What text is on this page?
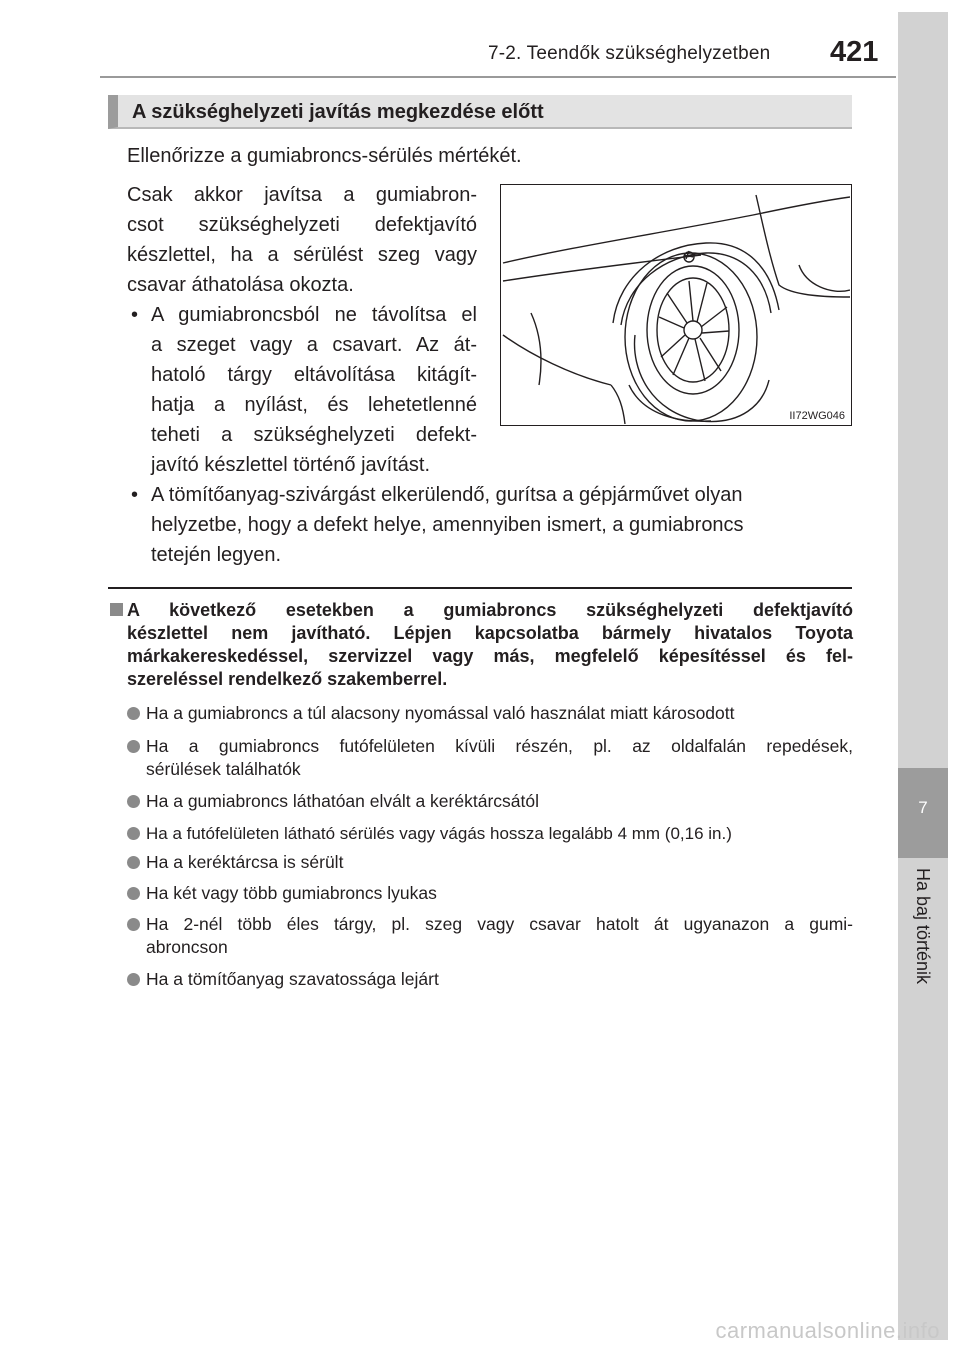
7-2. Teendők szükséghelyzetben 421
7
Ha baj történik
A szükséghelyzeti javítás megkezdése előtt
Ellenőrizze a gumiabroncs-sérülés mértékét.
Csak akkor javítsa a gumiabron-
csot szükséghelyzeti defektjavító
készlettel, ha a sérülést szeg vagy
csavar áthatolása okozta.
• A gumiabroncsból ne távolítsa el
a szeget vagy a csavart. Az át-
hatoló tárgy eltávolítása kitágít-
hatja a nyílást, és lehetetlenné
teheti a szükséghelyzeti defekt-
javító készlettel történő javítást.
• A tömítőanyag-szivárgást elkerülendő, gurítsa a gépjárművet olyan
helyzetbe, hogy a defekt helye, amennyiben ismert, a gumiabroncs
tetején legyen.
II72WG046
A következő esetekben a gumiabroncs szükséghelyzeti defektjavító
készlettel nem javítható. Lépjen kapcsolatba bármely hivatalos Toyota
márkakereskedéssel, szervizzel vagy más, megfelelő képesítéssel és fel-
szereléssel rendelkező szakemberrel.
Ha a gumiabroncs a túl alacsony nyomással való használat miatt károsodott
Ha a gumiabroncs futófelületen kívüli részén, pl. az oldalfalán repedések,
sérülések találhatók
Ha a gumiabroncs láthatóan elvált a keréktárcsától
Ha a futófelületen látható sérülés vagy vágás hossza legalább 4 mm (0,16 in.)
Ha a keréktárcsa is sérült
Ha két vagy több gumiabroncs lyukas
Ha 2-nél több éles tárgy, pl. szeg vagy csavar hatolt át ugyanazon a gumi-
abroncson
Ha a tömítőanyag szavatossága lejárt
carmanualsonline.info
